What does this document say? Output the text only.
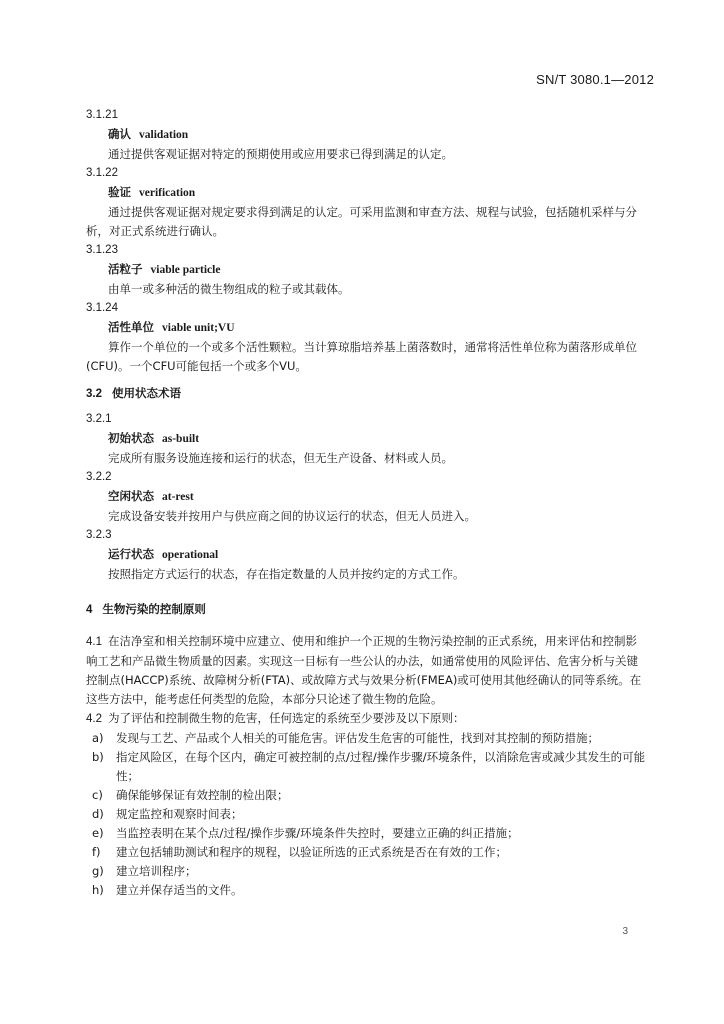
SN/T 3080.1—2012
3.1.21
确认 validation
通过提供客观证据对特定的预期使用或应用要求已得到满足的认定。
3.1.22
验证 verification
通过提供客观证据对规定要求得到满足的认定。可采用监测和审查方法、规程与试验，包括随机采样与分析，对正式系统进行确认。
3.1.23
活粒子 viable particle
由单一或多种活的微生物组成的粒子或其载体。
3.1.24
活性单位 viable unit;VU
算作一个单位的一个或多个活性颗粒。当计算琼脂培养基上菌落数时，通常将活性单位称为菌落形成单位(CFU)。一个CFU可能包括一个或多个VU。
3.2 使用状态术语
3.2.1
初始状态 as-built
完成所有服务设施连接和运行的状态，但无生产设备、材料或人员。
3.2.2
空闲状态 at-rest
完成设备安装并按用户与供应商之间的协议运行的状态，但无人员进入。
3.2.3
运行状态 operational
按照指定方式运行的状态，存在指定数量的人员并按约定的方式工作。
4 生物污染的控制原则
4.1 在洁净室和相关控制环境中应建立、使用和维护一个正规的生物污染控制的正式系统，用来评估和控制影响工艺和产品微生物质量的因素。实现这一目标有一些公认的办法，如通常使用的风险评估、危害分析与关键控制点(HACCP)系统、故障树分析(FTA)、或故障方式与效果分析(FMEA)或可使用其他经确认的同等系统。在这些方法中，能考虑任何类型的危险，本部分只论述了微生物的危险。
4.2 为了评估和控制微生物的危害，任何选定的系统至少要涉及以下原则：
a)	发现与工艺、产品或个人相关的可能危害。评估发生危害的可能性，找到对其控制的预防措施；
b)	指定风险区，在每个区内，确定可被控制的点/过程/操作步骤/环境条件，以消除危害或减少其发生的可能性；
c)	确保能够保证有效控制的检出限；
d)	规定监控和观察时间表；
e)	当监控表明在某个点/过程/操作步骤/环境条件失控时，要建立正确的纠正措施；
f)	建立包括辅助测试和程序的规程，以验证所选的正式系统是否在有效的工作；
g)	建立培训程序；
h)	建立并保存适当的文件。
3
